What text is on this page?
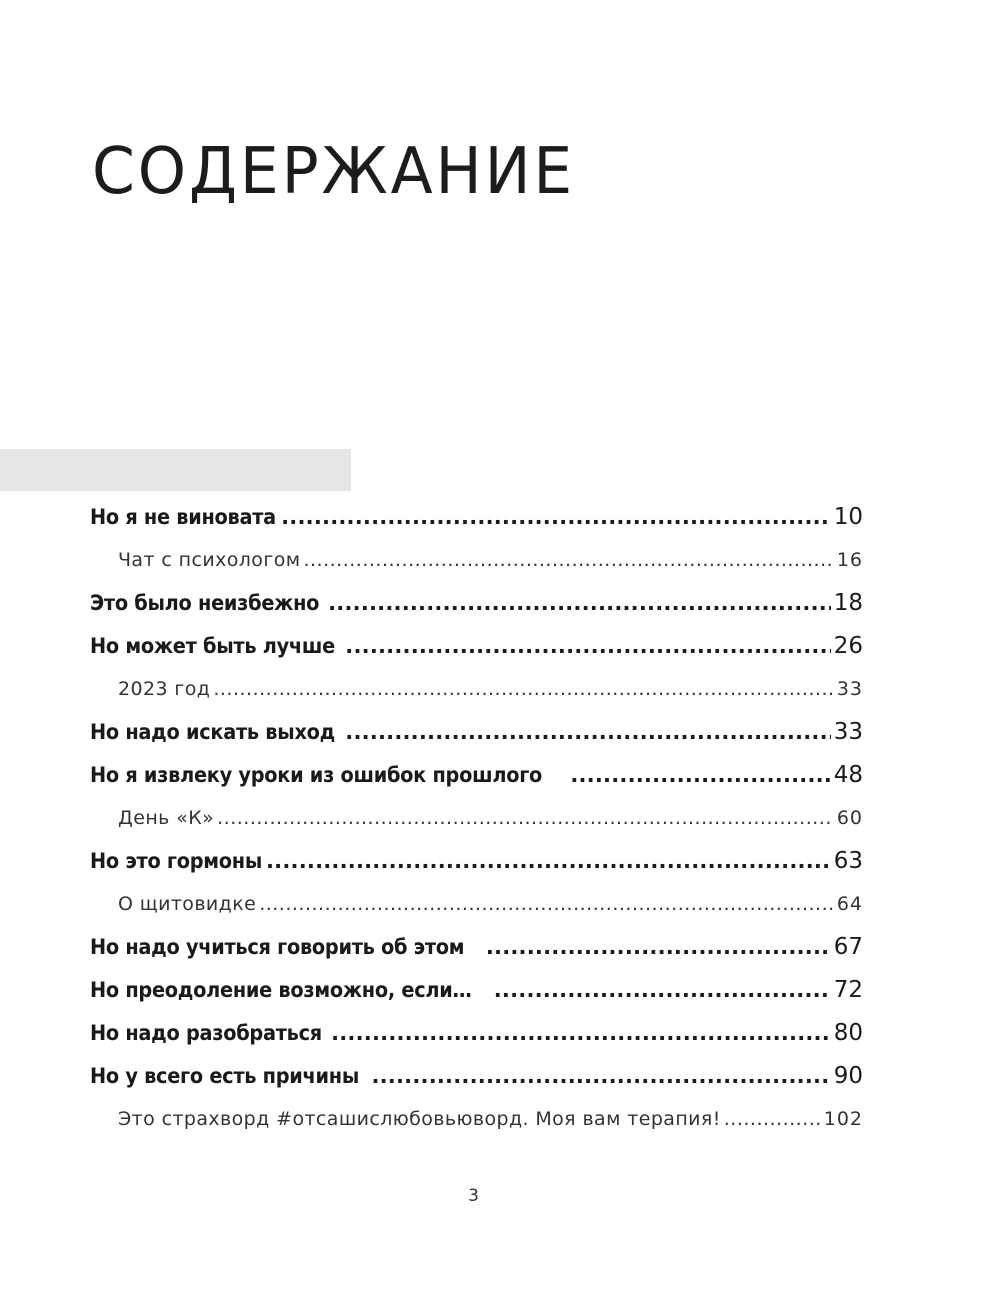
СОДЕРЖАНИЕ
Но я не виновата .....	10
Чат с психологом .....	16
Это было неизбежно .....	18
Но может быть лучше .....	26
2023 год .....	33
Но надо искать выход .....	33
Но я извлеку уроки из ошибок прошлого .....	48
День «К» .....	60
Но это гормоны .....	63
О щитовидке .....	64
Но надо учиться говорить об этом .....	67
Но преодоление возможно, если… .....	72
Но надо разобраться .....	80
Но у всего есть причины .....	90
Это страхворд #отсашислюбовьюворд. Моя вам терапия! .....	102
3
